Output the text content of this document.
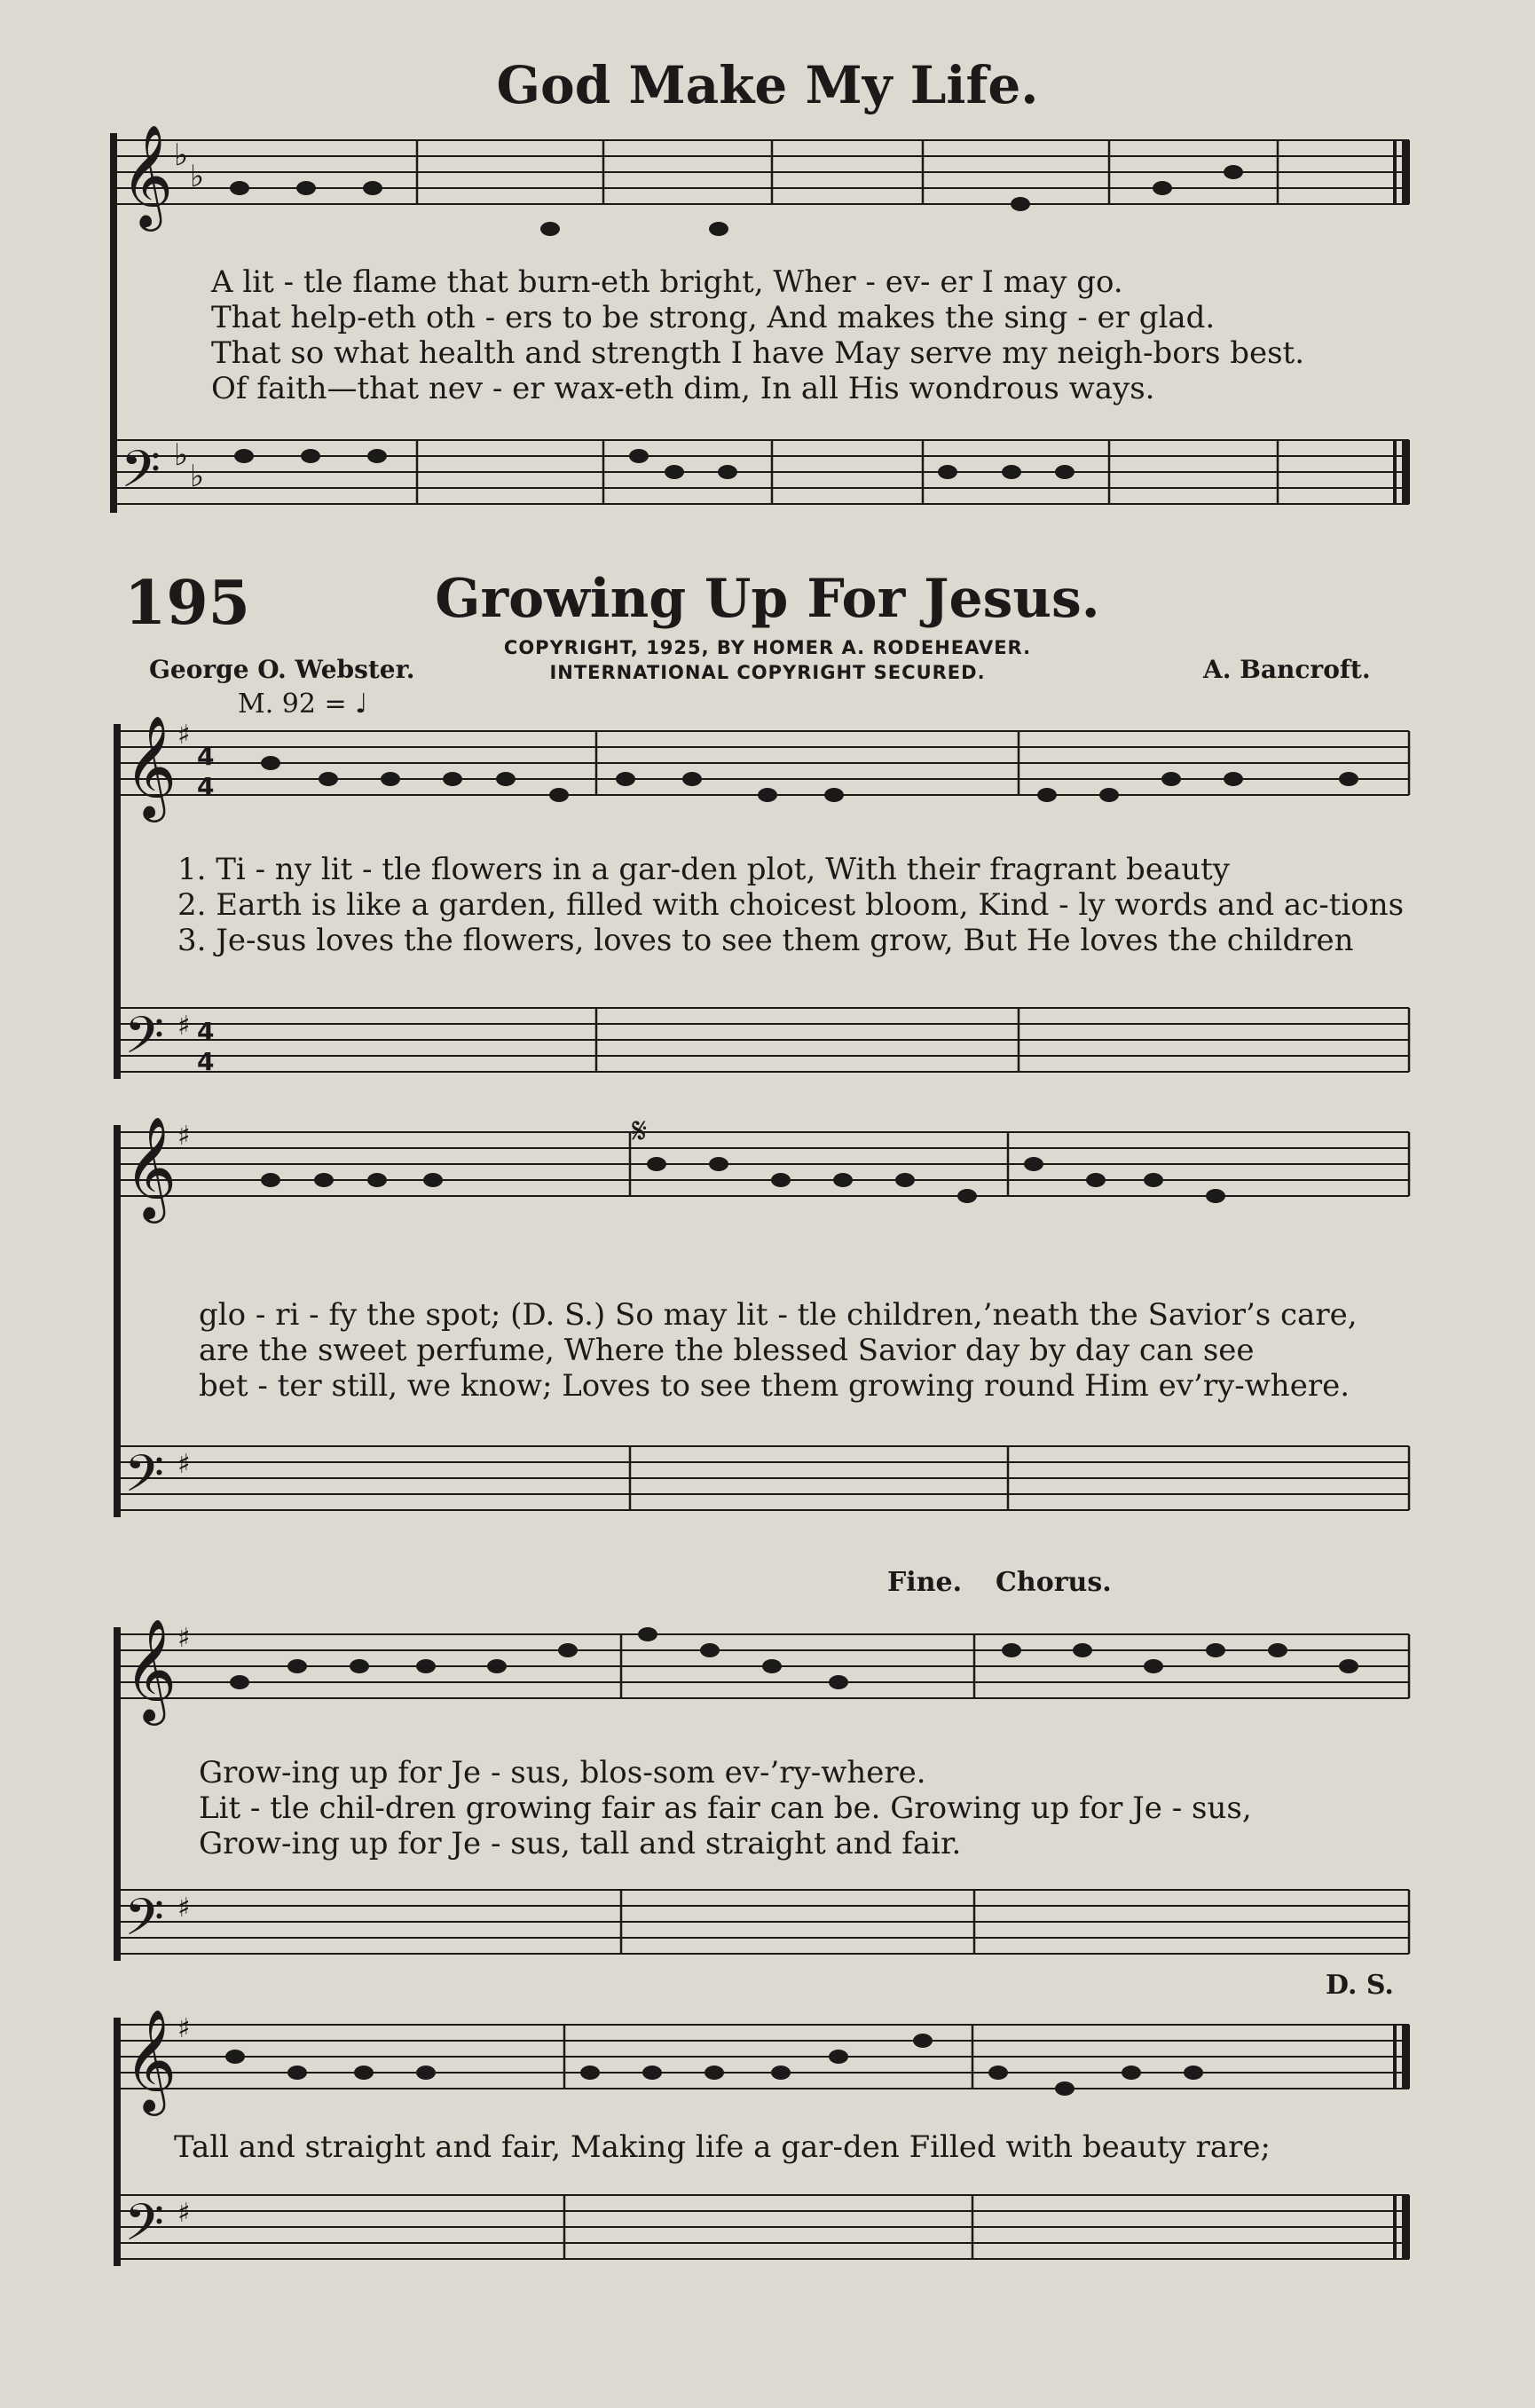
God Make My Life.
195	Growing Up For Jesus.
COPYRIGHT, 1925, BY HOMER A. RODEHEAVER.
INTERNATIONAL COPYRIGHT SECURED.
George O. Webster.	A. Bancroft.
M. 92 = ♩
𝄞
𝄢
𝄞
𝄢
𝄞
𝄢
𝄞
𝄢
𝄞
𝄢
♭
♭
♭
♭
♯
4
4
♯ 4
4
♯
♯
♯
♯
♯
♯
𝄋
A lit - tle flame that burn-eth bright, Wher - ev- er I may go.
That help-eth oth - ers to be strong, And makes the sing - er glad.
That so what health and strength I have May serve my neigh-bors best.
Of faith—that nev - er wax-eth dim, In all His wondrous ways.
1. Ti - ny lit - tle flowers in a gar-den plot, With their fragrant beauty
2. Earth is like a garden, filled with choicest bloom, Kind - ly words and ac-tions
3. Je-sus loves the flowers, loves to see them grow, But He loves the children
glo - ri - fy the spot; (D. S.) So may lit - tle children,’neath the Savior’s care,
are the sweet perfume, Where the blessed Savior day by day can see
bet - ter still, we know; Loves to see them growing round Him ev’ry-where.
Fine. Chorus.
Grow-ing up for Je - sus, blos-som ev-’ry-where.
Lit - tle chil-dren growing fair as fair can be. Growing up for Je - sus,
Grow-ing up for Je - sus, tall and straight and fair.
D. S.
Tall and straight and fair, Making life a gar-den Filled with beauty rare;
